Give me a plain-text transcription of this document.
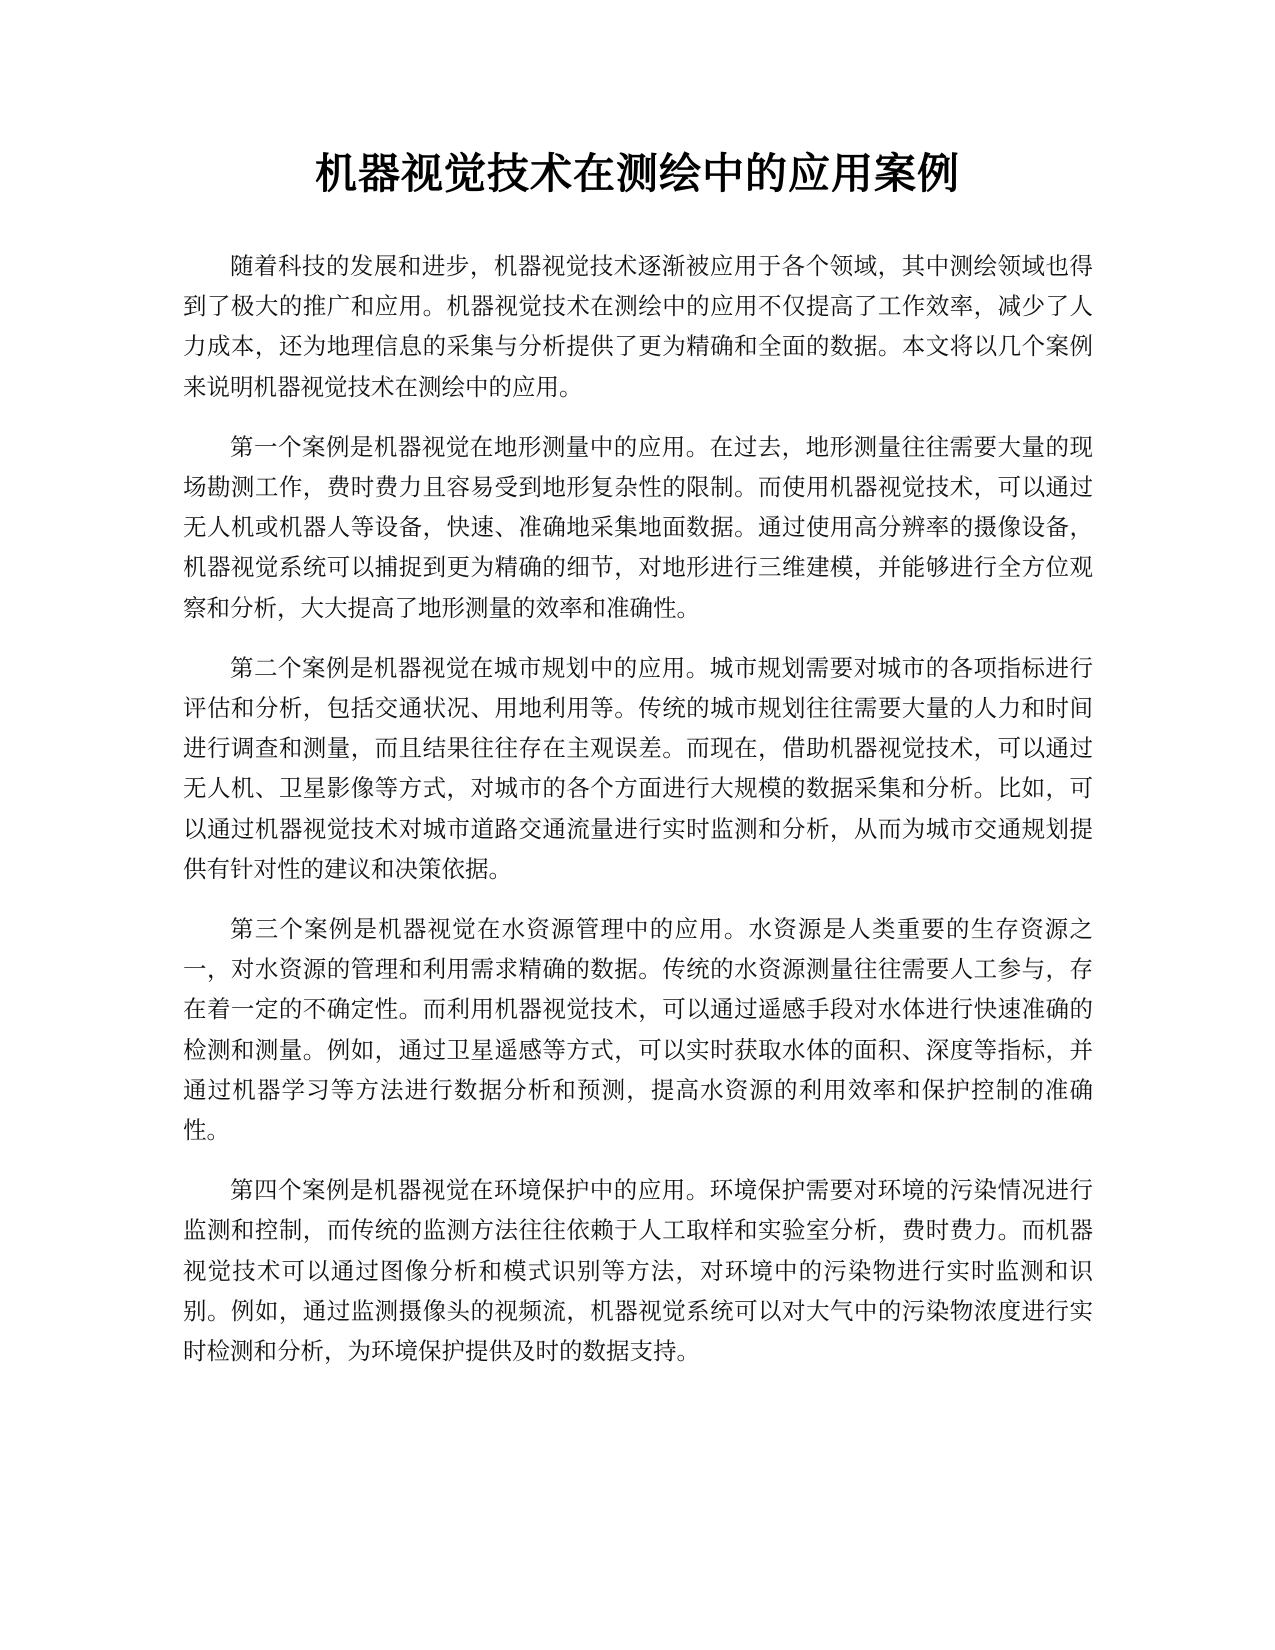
机器视觉技术在测绘中的应用案例

随着科技的发展和进步，机器视觉技术逐渐被应用于各个领域，其中测绘领域也得到了极大的推广和应用。机器视觉技术在测绘中的应用不仅提高了工作效率，减少了人力成本，还为地理信息的采集与分析提供了更为精确和全面的数据。本文将以几个案例来说明机器视觉技术在测绘中的应用。

第一个案例是机器视觉在地形测量中的应用。在过去，地形测量往往需要大量的现场勘测工作，费时费力且容易受到地形复杂性的限制。而使用机器视觉技术，可以通过无人机或机器人等设备，快速、准确地采集地面数据。通过使用高分辨率的摄像设备，机器视觉系统可以捕捉到更为精确的细节，对地形进行三维建模，并能够进行全方位观察和分析，大大提高了地形测量的效率和准确性。

第二个案例是机器视觉在城市规划中的应用。城市规划需要对城市的各项指标进行评估和分析，包括交通状况、用地利用等。传统的城市规划往往需要大量的人力和时间进行调查和测量，而且结果往往存在主观误差。而现在，借助机器视觉技术，可以通过无人机、卫星影像等方式，对城市的各个方面进行大规模的数据采集和分析。比如，可以通过机器视觉技术对城市道路交通流量进行实时监测和分析，从而为城市交通规划提供有针对性的建议和决策依据。

第三个案例是机器视觉在水资源管理中的应用。水资源是人类重要的生存资源之一，对水资源的管理和利用需求精确的数据。传统的水资源测量往往需要人工参与，存在着一定的不确定性。而利用机器视觉技术，可以通过遥感手段对水体进行快速准确的检测和测量。例如，通过卫星遥感等方式，可以实时获取水体的面积、深度等指标，并通过机器学习等方法进行数据分析和预测，提高水资源的利用效率和保护控制的准确性。

第四个案例是机器视觉在环境保护中的应用。环境保护需要对环境的污染情况进行监测和控制，而传统的监测方法往往依赖于人工取样和实验室分析，费时费力。而机器视觉技术可以通过图像分析和模式识别等方法，对环境中的污染物进行实时监测和识别。例如，通过监测摄像头的视频流，机器视觉系统可以对大气中的污染物浓度进行实时检测和分析，为环境保护提供及时的数据支持。
